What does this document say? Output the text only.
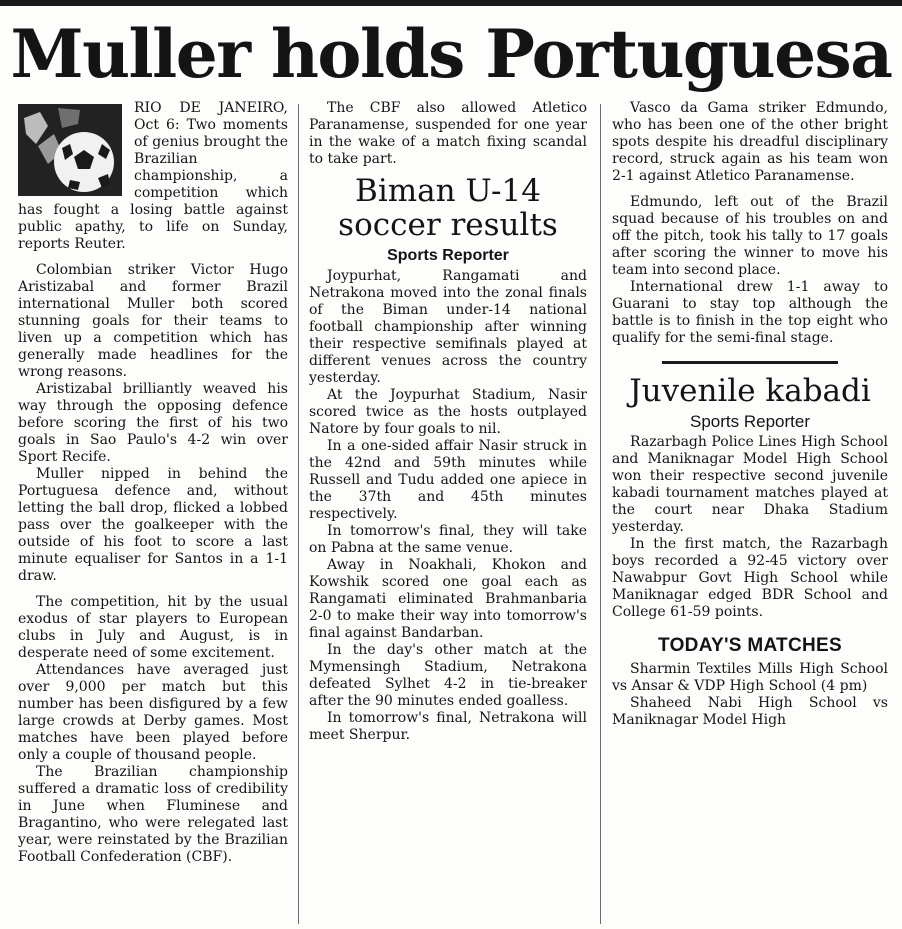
Muller holds Portuguesa

RIO DE JANEIRO, Oct 6: Two moments of genius brought the Brazilian championship, a competition which has fought a losing battle against public apathy, to life on Sunday, reports Reuter.

Colombian striker Victor Hugo Aristizabal and former Brazil international Muller both scored stunning goals for their teams to liven up a competition which has generally made headlines for the wrong reasons.

Aristizabal brilliantly weaved his way through the opposing defence before scoring the first of his two goals in Sao Paulo's 4-2 win over Sport Recife.

Muller nipped in behind the Portuguesa defence and, without letting the ball drop, flicked a lobbed pass over the goalkeeper with the outside of his foot to score a last minute equaliser for Santos in a 1-1 draw.

The competition, hit by the usual exodus of star players to European clubs in July and August, is in desperate need of some excitement.

Attendances have averaged just over 9,000 per match but this number has been disfigured by a few large crowds at Derby games. Most matches have been played before only a couple of thousand people.

The Brazilian championship suffered a dramatic loss of credibility in June when Fluminese and Bragantino, who were relegated last year, were reinstated by the Brazilian Football Confederation (CBF).

The CBF also allowed Atletico Paranamense, suspended for one year in the wake of a match fixing scandal to take part.

Biman U-14 soccer results
Sports Reporter

Joypurhat, Rangamati and Netrakona moved into the zonal finals of the Biman under-14 national football championship after winning their respective semifinals played at different venues across the country yesterday.

At the Joypurhat Stadium, Nasir scored twice as the hosts outplayed Natore by four goals to nil.

In a one-sided affair Nasir struck in the 42nd and 59th minutes while Russell and Tudu added one apiece in the 37th and 45th minutes respectively.

In tomorrow's final, they will take on Pabna at the same venue.

Away in Noakhali, Khokon and Kowshik scored one goal each as Rangamati eliminated Brahmanbaria 2-0 to make their way into tomorrow's final against Bandarban.

In the day's other match at the Mymensingh Stadium, Netrakona defeated Sylhet 4-2 in tie-breaker after the 90 minutes ended goalless.

In tomorrow's final, Netrakona will meet Sherpur.

Vasco da Gama striker Edmundo, who has been one of the other bright spots despite his dreadful disciplinary record, struck again as his team won 2-1 against Atletico Paranamense.

Edmundo, left out of the Brazil squad because of his troubles on and off the pitch, took his tally to 17 goals after scoring the winner to move his team into second place.

International drew 1-1 away to Guarani to stay top although the battle is to finish in the top eight who qualify for the semi-final stage.

Juvenile kabadi
Sports Reporter

Razarbagh Police Lines High School and Maniknagar Model High School won their respective second juvenile kabadi tournament matches played at the court near Dhaka Stadium yesterday.

In the first match, the Razarbagh boys recorded a 92-45 victory over Nawabpur Govt High School while Maniknagar edged BDR School and College 61-59 points.

TODAY'S MATCHES

Sharmin Textiles Mills High School vs Ansar & VDP High School (4 pm)

Shaheed Nabi High School vs Maniknagar Model High
